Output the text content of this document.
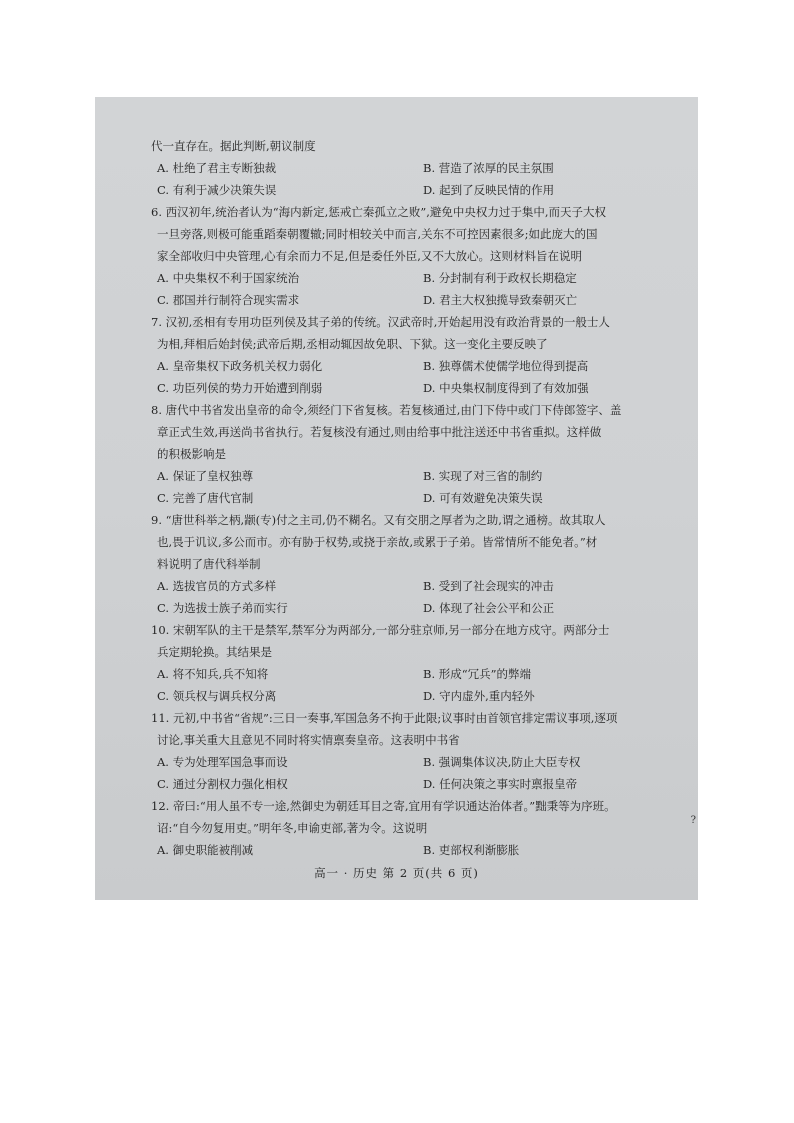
代一直存在。据此判断,朝议制度

A. 杜绝了君主专断独裁	B. 营造了浓厚的民主氛围
C. 有利于减少决策失误	D. 起到了反映民情的作用

6. 西汉初年,统治者认为“海内新定,惩戒亡秦孤立之败”,避免中央权力过于集中,而天子大权

一旦旁落,则极可能重蹈秦朝覆辙;同时相较关中而言,关东不可控因素很多;如此庞大的国

家全部收归中央管理,心有余而力不足,但是委任外臣,又不大放心。这则材料旨在说明

A. 中央集权不利于国家统治	B. 分封制有利于政权长期稳定
C. 郡国并行制符合现实需求	D. 君主大权独揽导致秦朝灭亡

7. 汉初,丞相有专用功臣列侯及其子弟的传统。汉武帝时,开始起用没有政治背景的一般士人

为相,拜相后始封侯;武帝后期,丞相动辄因故免职、下狱。这一变化主要反映了

A. 皇帝集权下政务机关权力弱化	B. 独尊儒术使儒学地位得到提高
C. 功臣列侯的势力开始遭到削弱	D. 中央集权制度得到了有效加强

8. 唐代中书省发出皇帝的命令,须经门下省复核。若复核通过,由门下侍中或门下侍郎签字、盖

章正式生效,再送尚书省执行。若复核没有通过,则由给事中批注送还中书省重拟。这样做

的积极影响是

A. 保证了皇权独尊	B. 实现了对三省的制约
C. 完善了唐代官制	D. 可有效避免决策失误

9. “唐世科举之柄,颛(专)付之主司,仍不糊名。又有交朋之厚者为之助,谓之通榜。故其取人

也,畏于讥议,多公而市。亦有胁于权势,或挠于亲故,或累于子弟。皆常情所不能免者。”材

料说明了唐代科举制

A. 选拔官员的方式多样	B. 受到了社会现实的冲击
C. 为选拔士族子弟而实行	D. 体现了社会公平和公正

10. 宋朝军队的主干是禁军,禁军分为两部分,一部分驻京师,另一部分在地方戍守。两部分士

兵定期轮换。其结果是

A. 将不知兵,兵不知将	B. 形成“冗兵”的弊端
C. 领兵权与调兵权分离	D. 守内虚外,重内轻外

11. 元初,中书省“省规”:三日一奏事,军国急务不拘于此限;议事时由首领官排定需议事项,逐项

讨论,事关重大且意见不同时将实情禀奏皇帝。这表明中书省

A. 专为处理军国急事而设	B. 强调集体议决,防止大臣专权
C. 通过分割权力强化相权	D. 任何决策之事实时禀报皇帝

12. 帝曰:“用人虽不专一途,然御史为朝廷耳目之寄,宜用有学识通达治体者。”黜秉等为序班。

诏:“自今勿复用吏。”明年冬,申谕吏部,著为令。这说明

A. 御史职能被削减	B. 吏部权利渐膨胀
?
高一 · 历史 第 2 页(共 6 页)
